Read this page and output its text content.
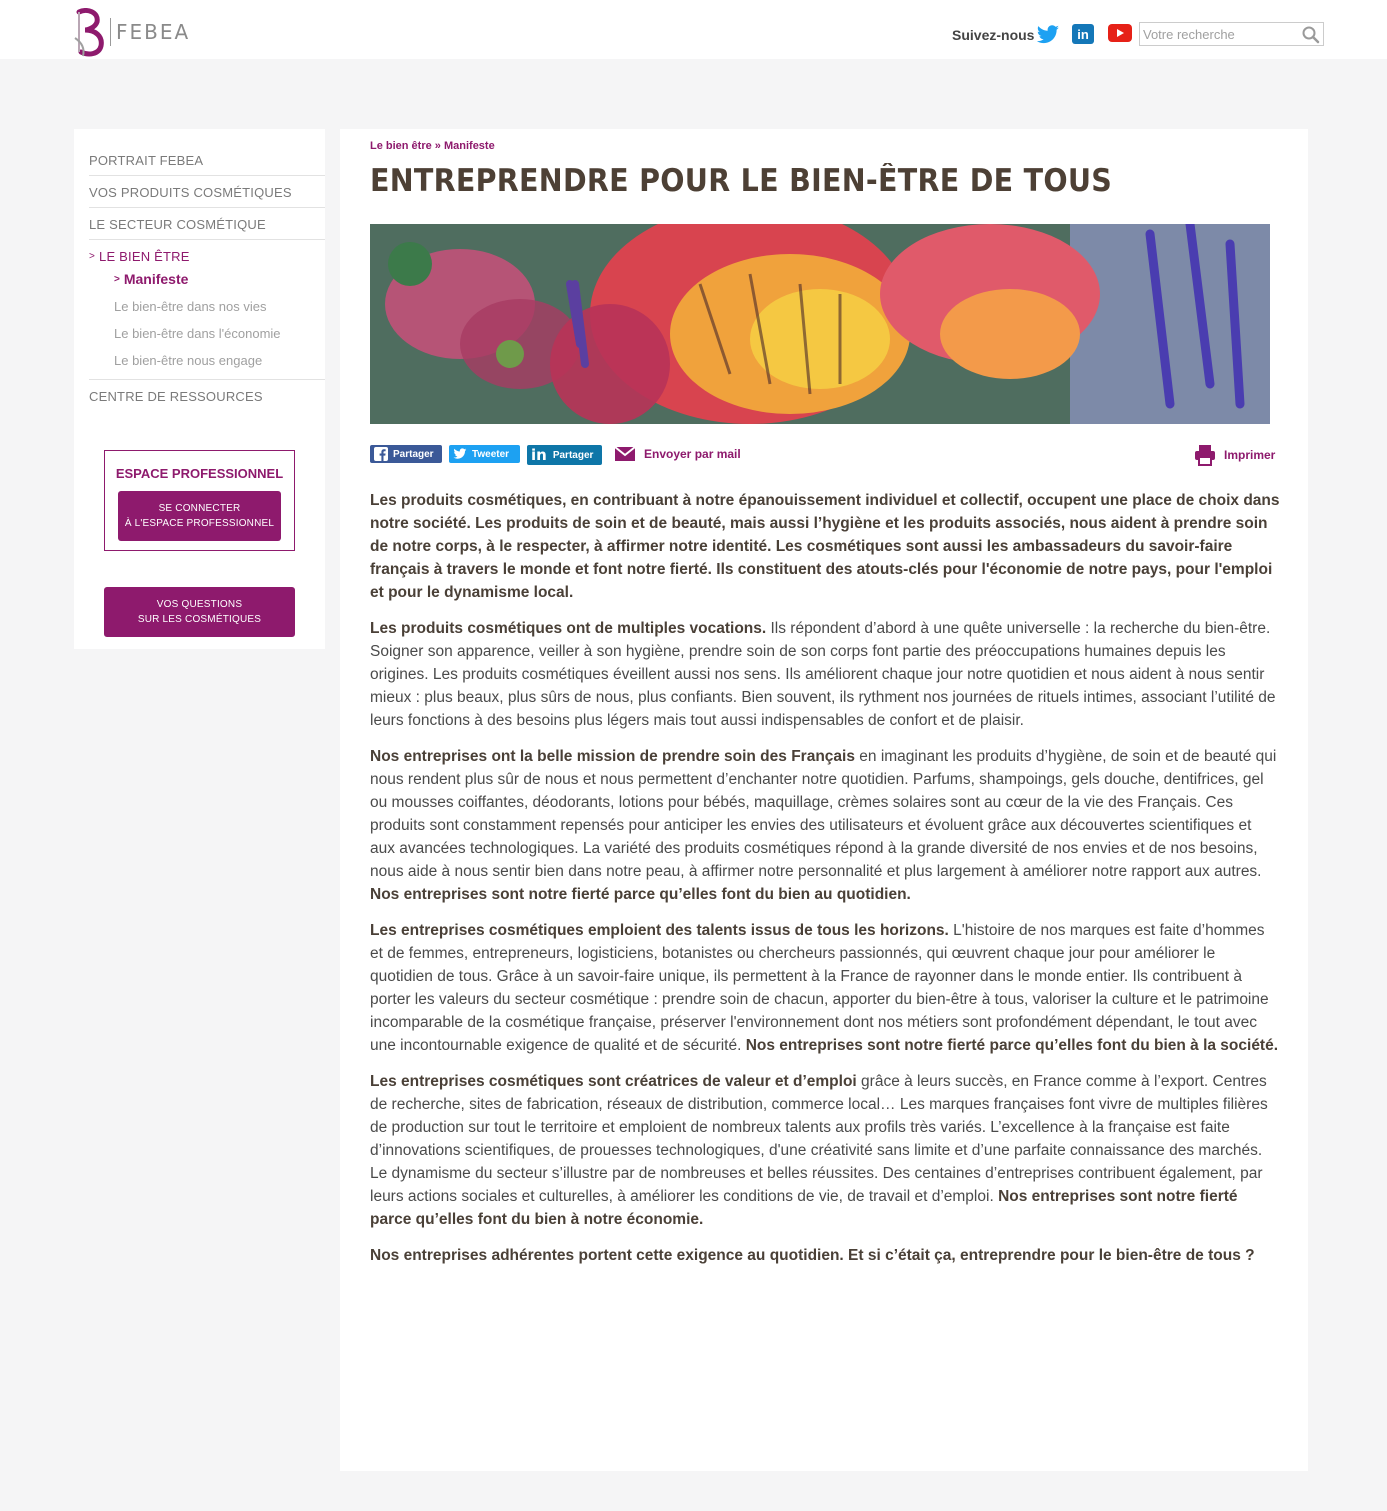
FEBEA	Suivez-nous	in
Votre recherche
PORTRAIT FEBEA
VOS PRODUITS COSMÉTIQUES
LE SECTEUR COSMÉTIQUE
> LE BIEN ÊTRE
> Manifeste
Le bien-être dans nos vies
Le bien-être dans l'économie
Le bien-être nous engage
CENTRE DE RESSOURCES
ESPACE PROFESSIONNEL
SE CONNECTER
À L'ESPACE PROFESSIONNEL
VOS QUESTIONS
SUR LES COSMÉTIQUES
Le bien être » Manifeste
ENTREPRENDRE POUR LE BIEN-ÊTRE DE TOUS
Partager	Tweeter in Partager	Envoyer par mail	Imprimer

Les produits cosmétiques, en contribuant à notre épanouissement individuel et collectif, occupent une place de choix dans notre société. Les produits de soin et de beauté, mais aussi l’hygiène et les produits associés, nous aident à prendre soin de notre corps, à le respecter, à affirmer notre identité. Les cosmétiques sont aussi les ambassadeurs du savoir-faire français à travers le monde et font notre fierté. Ils constituent des atouts-clés pour l'économie de notre pays, pour l'emploi et pour le dynamisme local.

Les produits cosmétiques ont de multiples vocations. Ils répondent d’abord à une quête universelle : la recherche du bien-être. Soigner son apparence, veiller à son hygiène, prendre soin de son corps font partie des préoccupations humaines depuis les origines. Les produits cosmétiques éveillent aussi nos sens. Ils améliorent chaque jour notre quotidien et nous aident à nous sentir mieux : plus beaux, plus sûrs de nous, plus confiants. Bien souvent, ils rythment nos journées de rituels intimes, associant l’utilité de leurs fonctions à des besoins plus légers mais tout aussi indispensables de confort et de plaisir.

Nos entreprises ont la belle mission de prendre soin des Français en imaginant les produits d’hygiène, de soin et de beauté qui nous rendent plus sûr de nous et nous permettent d’enchanter notre quotidien. Parfums, shampoings, gels douche, dentifrices, gel ou mousses coiffantes, déodorants, lotions pour bébés, maquillage, crèmes solaires sont au cœur de la vie des Français. Ces produits sont constamment repensés pour anticiper les envies des utilisateurs et évoluent grâce aux découvertes scientifiques et aux avancées technologiques. La variété des produits cosmétiques répond à la grande diversité de nos envies et de nos besoins, nous aide à nous sentir bien dans notre peau, à affirmer notre personnalité et plus largement à améliorer notre rapport aux autres. Nos entreprises sont notre fierté parce qu’elles font du bien au quotidien.

Les entreprises cosmétiques emploient des talents issus de tous les horizons. L'histoire de nos marques est faite d’hommes et de femmes, entrepreneurs, logisticiens, botanistes ou chercheurs passionnés, qui œuvrent chaque jour pour améliorer le quotidien de tous. Grâce à un savoir-faire unique, ils permettent à la France de rayonner dans le monde entier. Ils contribuent à porter les valeurs du secteur cosmétique : prendre soin de chacun, apporter du bien-être à tous, valoriser la culture et le patrimoine incomparable de la cosmétique française, préserver l'environnement dont nos métiers sont profondément dépendant, le tout avec une incontournable exigence de qualité et de sécurité. Nos entreprises sont notre fierté parce qu’elles font du bien à la société.

Les entreprises cosmétiques sont créatrices de valeur et d’emploi grâce à leurs succès, en France comme à l’export. Centres de recherche, sites de fabrication, réseaux de distribution, commerce local… Les marques françaises font vivre de multiples filières de production sur tout le territoire et emploient de nombreux talents aux profils très variés. L’excellence à la française est faite d’innovations scientifiques, de prouesses technologiques, d'une créativité sans limite et d’une parfaite connaissance des marchés. Le dynamisme du secteur s’illustre par de nombreuses et belles réussites. Des centaines d’entreprises contribuent également, par leurs actions sociales et culturelles, à améliorer les conditions de vie, de travail et d’emploi. Nos entreprises sont notre fierté parce qu’elles font du bien à notre économie.

Nos entreprises adhérentes portent cette exigence au quotidien. Et si c’était ça, entreprendre pour le bien-être de tous ?
